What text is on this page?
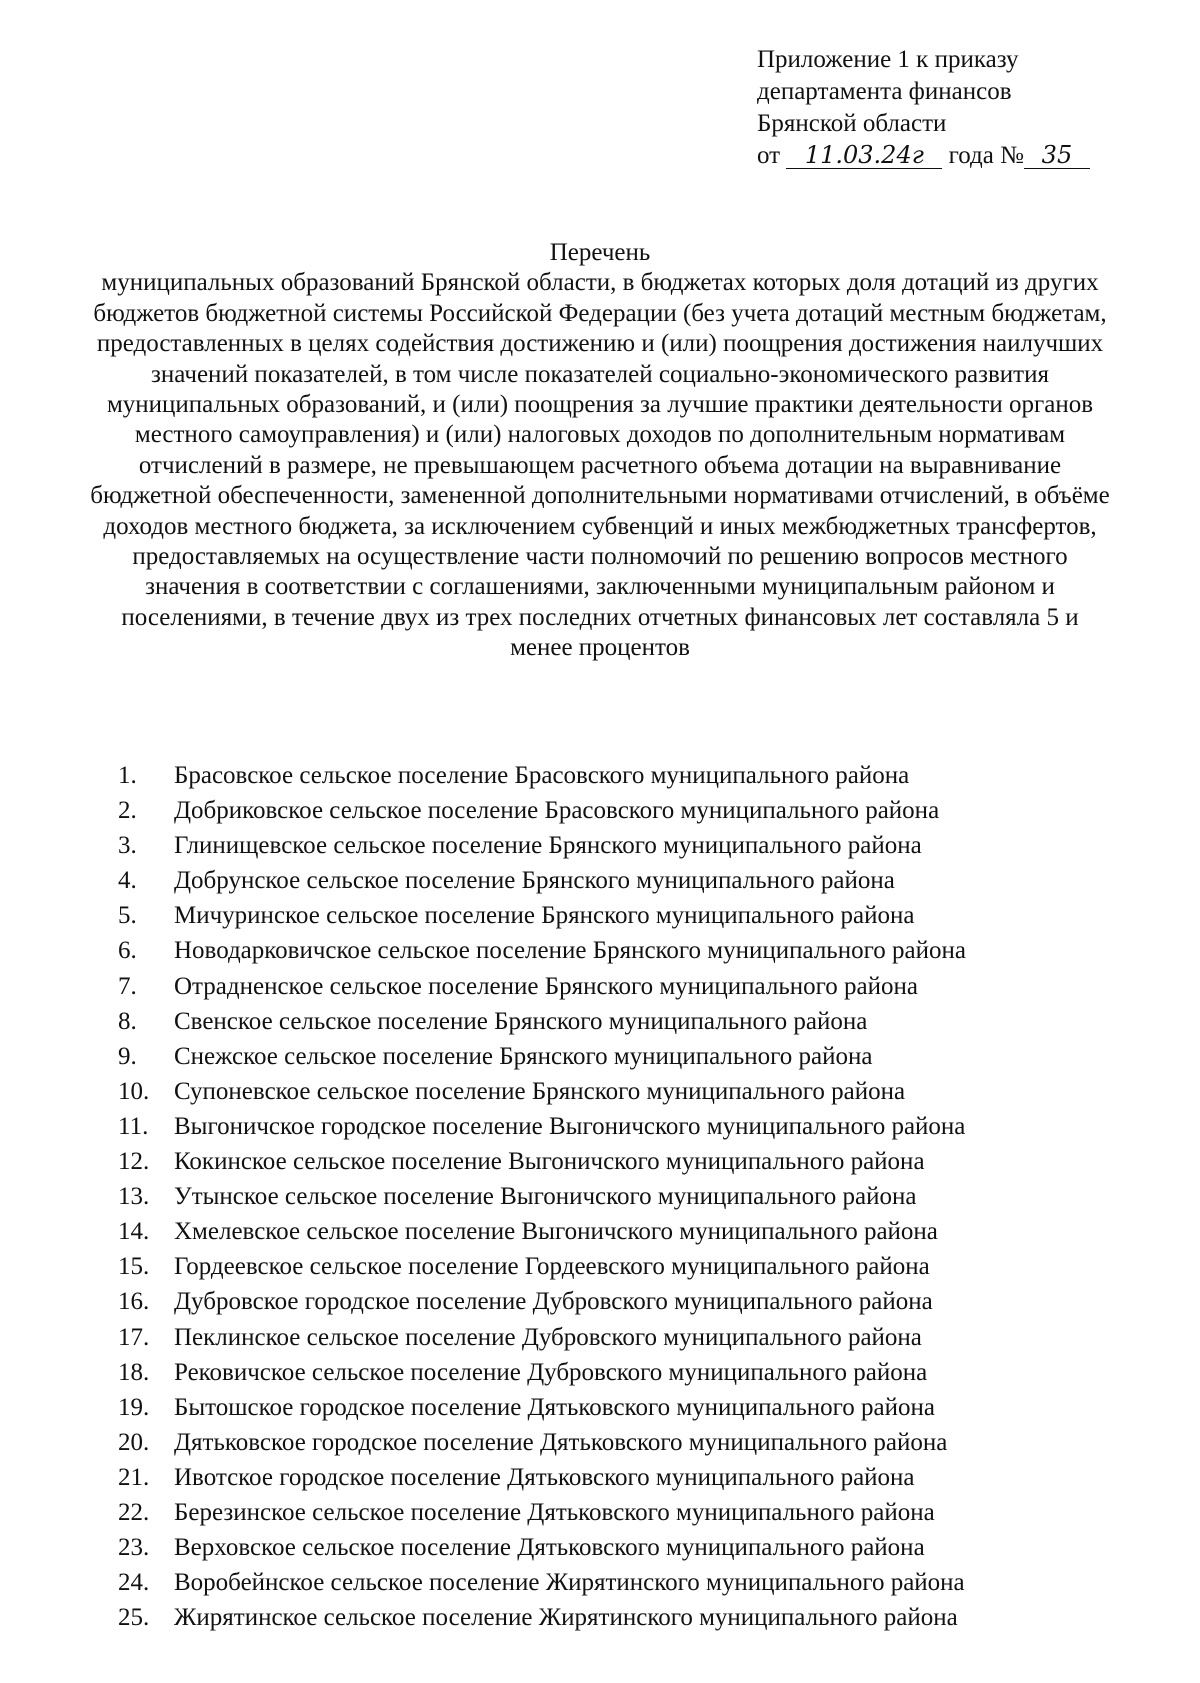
Приложение 1 к приказу
департамента финансов
Брянской области
от 11.03.24г года № 35
Перечень
муниципальных образований Брянской области, в бюджетах которых доля дотаций из других бюджетов бюджетной системы Российской Федерации (без учета дотаций местным бюджетам, предоставленных в целях содействия достижению и (или) поощрения достижения наилучших значений показателей, в том числе показателей социально-экономического развития муниципальных образований, и (или) поощрения за лучшие практики деятельности органов местного самоуправления) и (или) налоговых доходов по дополнительным нормативам отчислений в размере, не превышающем расчетного объема дотации на выравнивание бюджетной обеспеченности, замененной дополнительными нормативами отчислений, в объёме доходов местного бюджета, за исключением субвенций и иных межбюджетных трансфертов, предоставляемых на осуществление части полномочий по решению вопросов местного значения в соответствии с соглашениями, заключенными муниципальным районом и поселениями, в течение двух из трех последних отчетных финансовых лет составляла 5 и менее процентов
1.	Брасовское сельское поселение Брасовского муниципального района
2.	Добриковское сельское поселение Брасовского муниципального района
3.	Глинищевское сельское поселение Брянского муниципального района
4.	Добрунское сельское поселение Брянского муниципального района
5.	Мичуринское сельское поселение Брянского муниципального района
6.	Новодарковичское сельское поселение Брянского муниципального района
7.	Отрадненское сельское поселение Брянского муниципального района
8.	Свенское сельское поселение Брянского муниципального района
9.	Снежское сельское поселение Брянского муниципального района
10. Супоневское сельское поселение Брянского муниципального района
11.	Выгоничское городское поселение Выгоничского муниципального района
12. Кокинское сельское поселение Выгоничского муниципального района
13. Утынское сельское поселение Выгоничского муниципального района
14. Хмелевское сельское поселение Выгоничского муниципального района
15. Гордеевское сельское поселение Гордеевского муниципального района
16. Дубровское городское поселение Дубровского муниципального района
17. Пеклинское сельское поселение Дубровского муниципального района
18. Рековичское сельское поселение Дубровского муниципального района
19. Бытошское городское поселение Дятьковского муниципального района
20. Дятьковское городское поселение Дятьковского муниципального района
21. Ивотское городское поселение Дятьковского муниципального района
22. Березинское сельское поселение Дятьковского муниципального района
23. Верховское сельское поселение Дятьковского муниципального района
24. Воробейнское сельское поселение Жирятинского муниципального района
25. Жирятинское сельское поселение Жирятинского муниципального района
